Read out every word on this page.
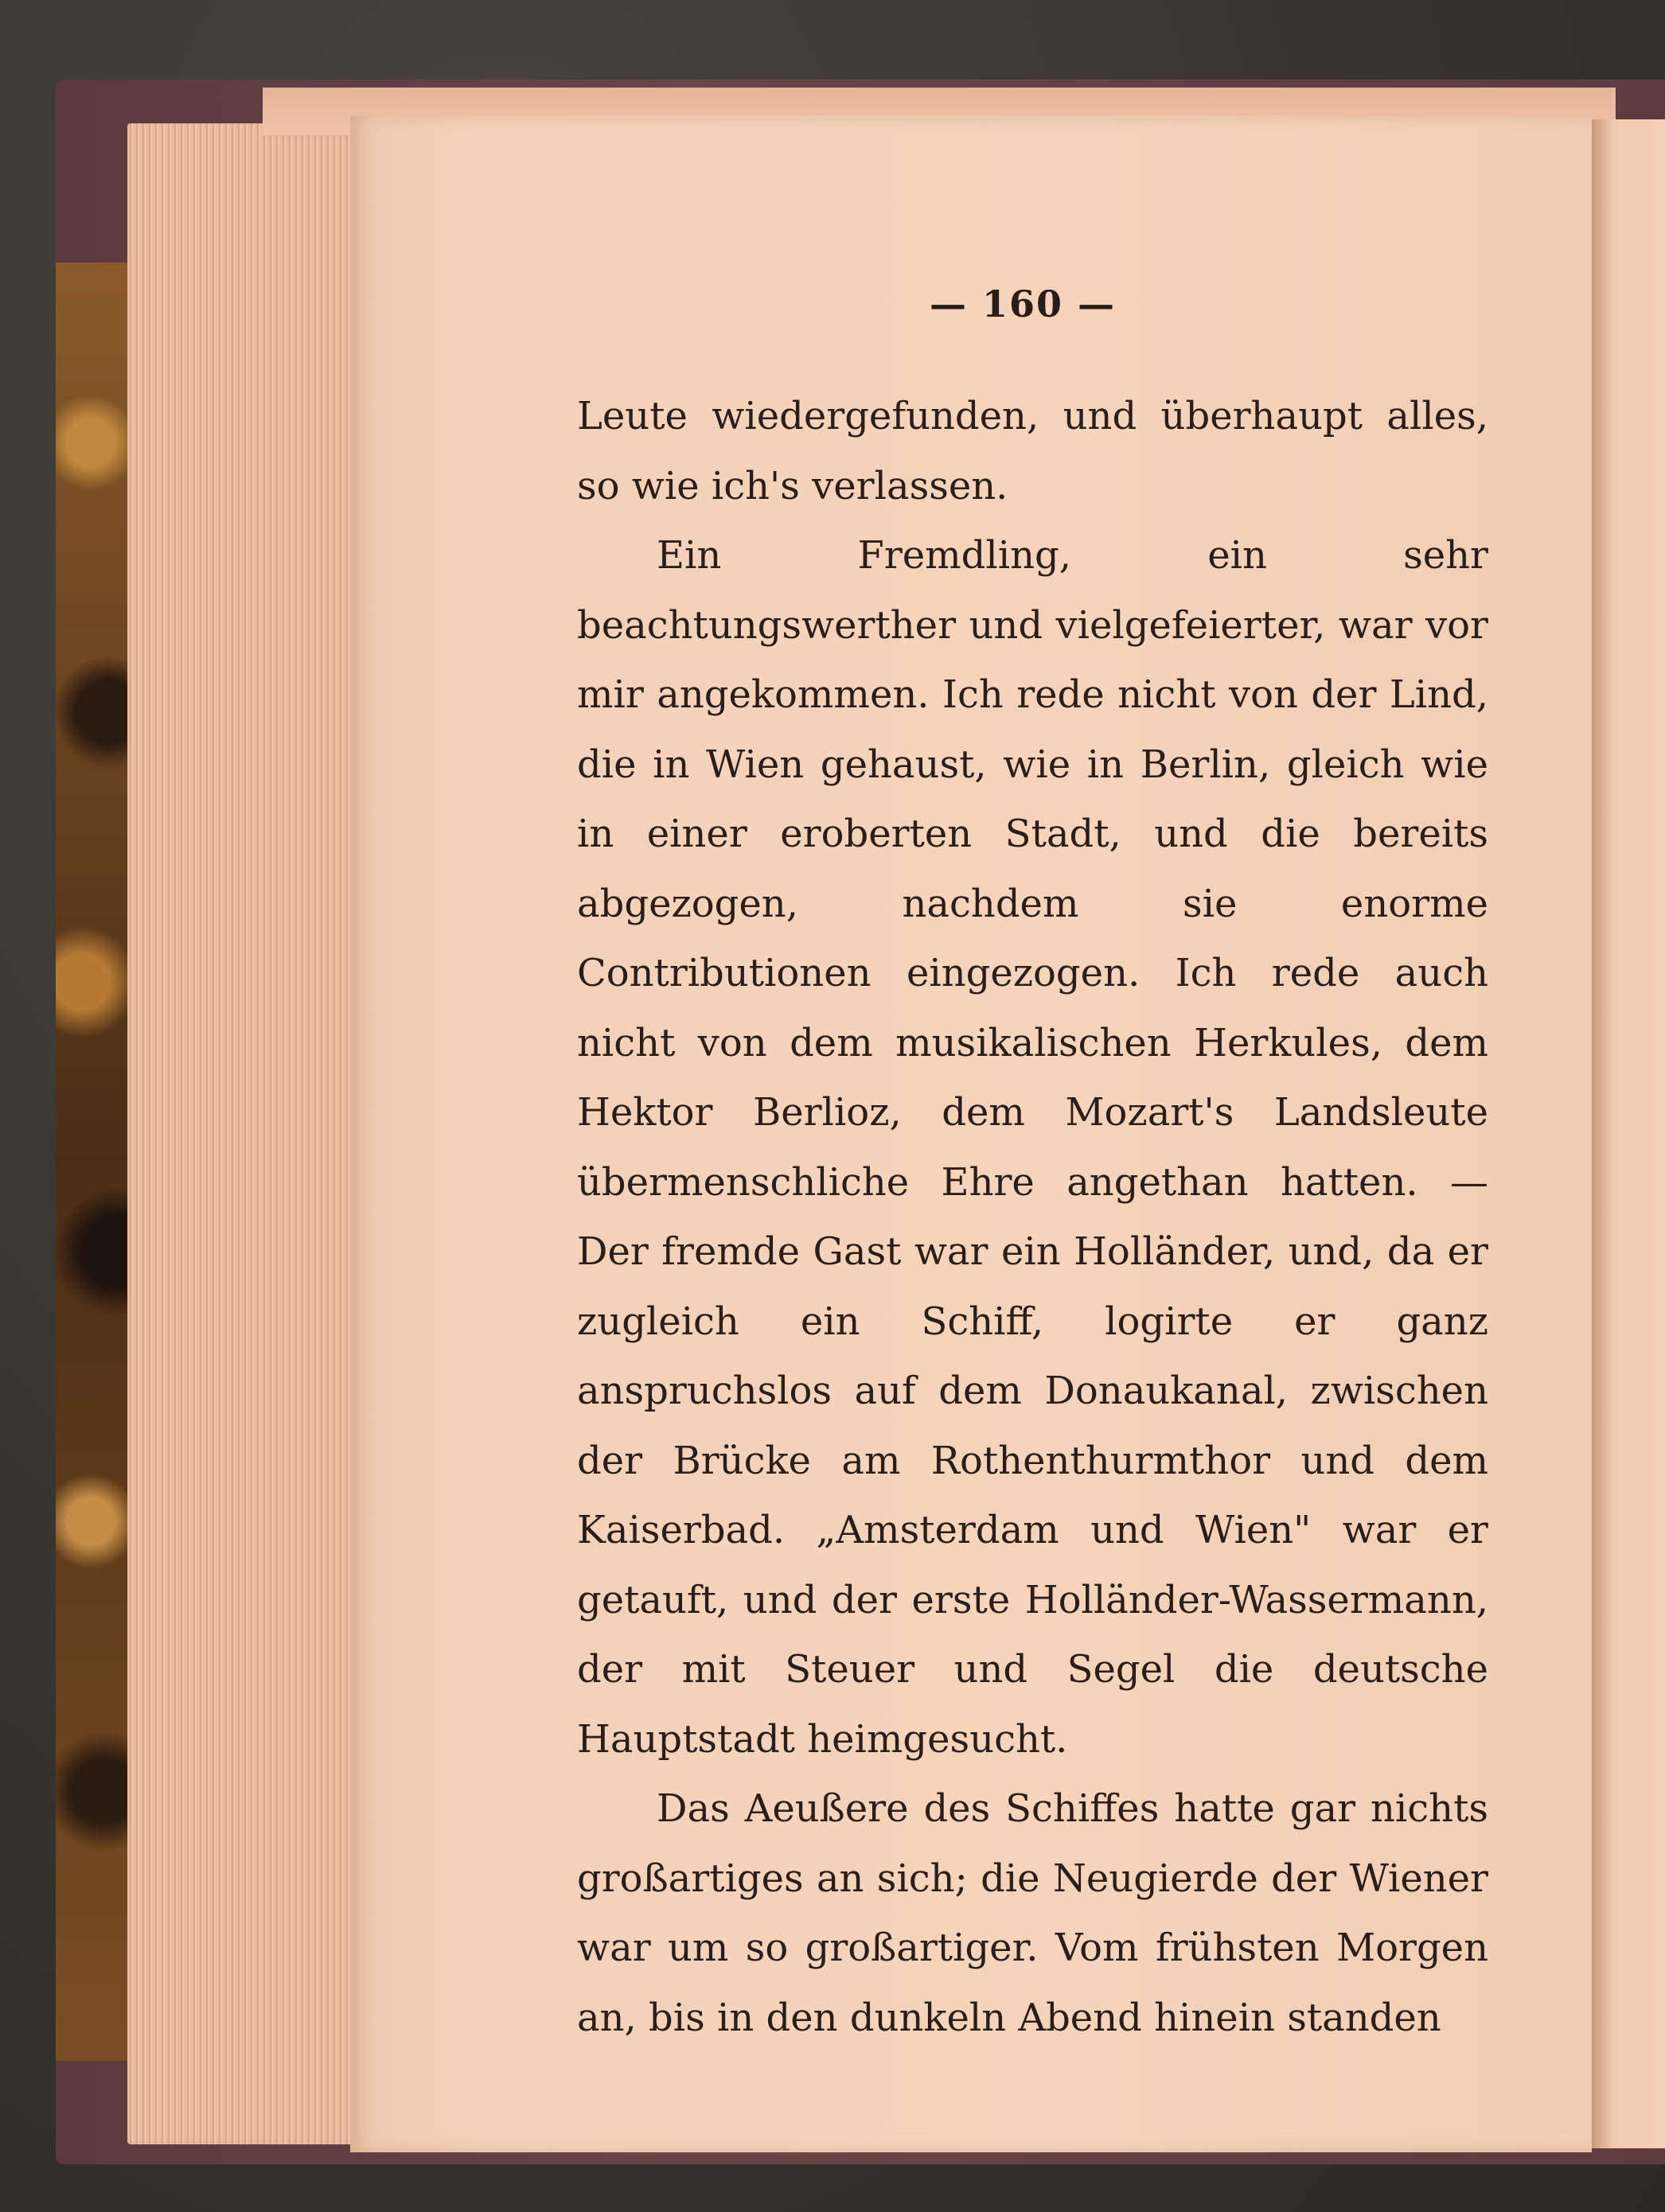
— 160 —

Leute wiedergefunden, und überhaupt alles, so wie ich's verlassen.

Ein Fremdling, ein sehr beachtungswerther und vielgefeierter, war vor mir angekommen. Ich rede nicht von der Lind, die in Wien gehaust, wie in Berlin, gleich wie in einer eroberten Stadt, und die bereits abgezogen, nachdem sie enorme Contributionen eingezogen. Ich rede auch nicht von dem musikalischen Herkules, dem Hektor Berlioz, dem Mozart's Landsleute übermenschliche Ehre angethan hatten. — Der fremde Gast war ein Holländer, und, da er zugleich ein Schiff, logirte er ganz anspruchslos auf dem Donaukanal, zwischen der Brücke am Rothenthurmthor und dem Kaiserbad. „Amsterdam und Wien" war er getauft, und der erste Holländer-Wassermann, der mit Steuer und Segel die deutsche Hauptstadt heimgesucht.

Das Aeußere des Schiffes hatte gar nichts großartiges an sich; die Neugierde der Wiener war um so großartiger. Vom frühsten Morgen an, bis in den dunkeln Abend hinein standen
